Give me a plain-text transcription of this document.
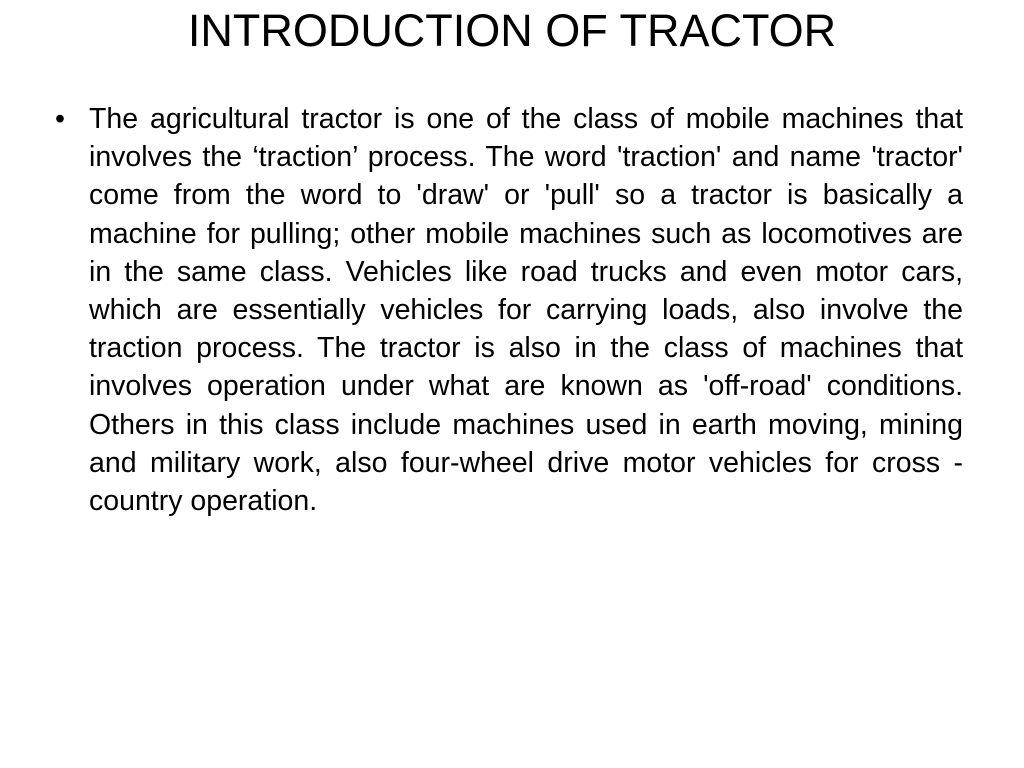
INTRODUCTION OF TRACTOR
• The agricultural tractor is one of the class of mobile machines that involves the ‘traction’ process. The word 'traction' and name 'tractor' come from the word to 'draw' or 'pull' so a tractor is basically a machine for pulling; other mobile machines such as locomotives are in the same class. Vehicles like road trucks and even motor cars, which are essentially vehicles for carrying loads, also involve the traction process. The tractor is also in the class of machines that involves operation under what are known as 'off-road' conditions. Others in this class include machines used in earth moving, mining and military work, also four-wheel drive motor vehicles for cross - country operation.
